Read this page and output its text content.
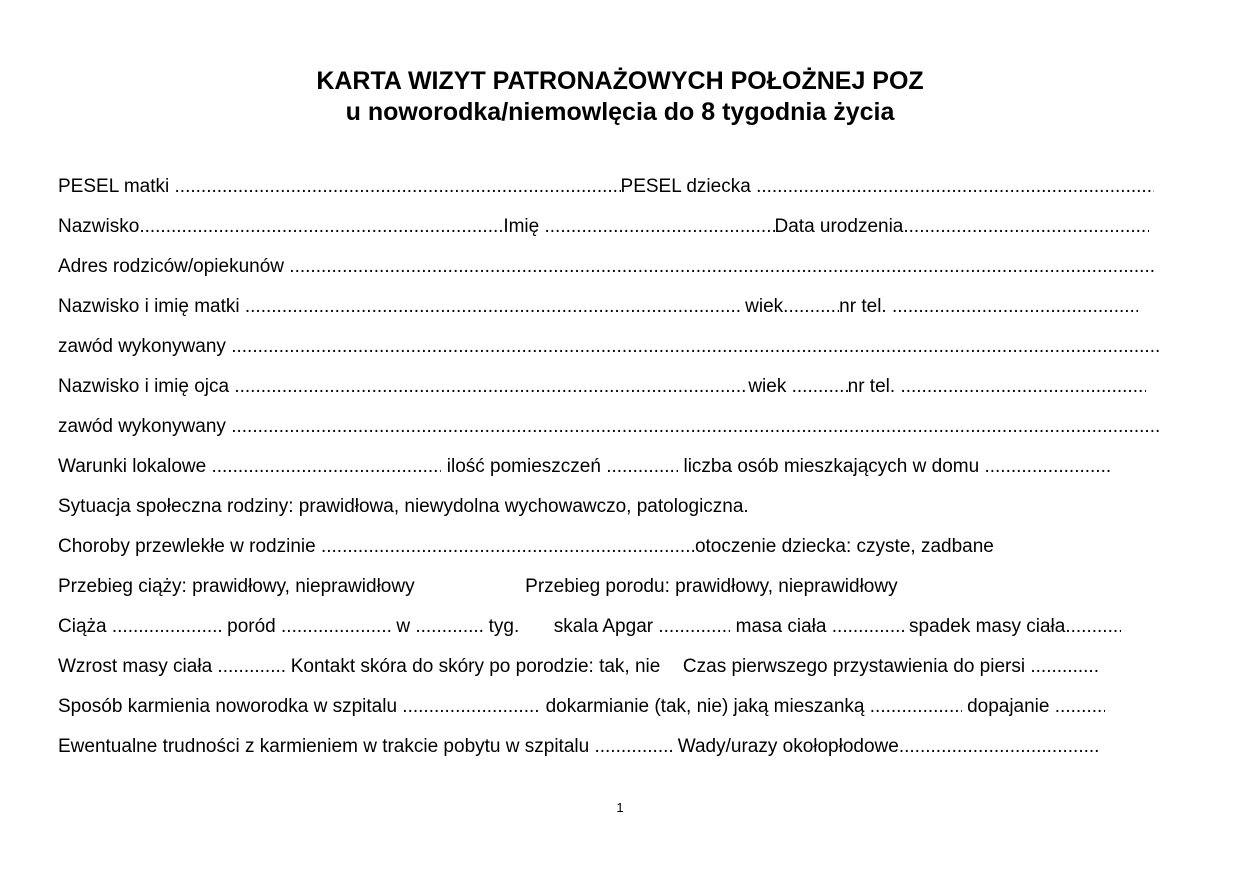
KARTA WIZYT PATRONAŻOWYCH POŁOŻNEJ POZ
u noworodka/niemowlęcia do 8 tygodnia życia
PESEL matki .....	PESEL dziecka .....
Nazwisko .....	Imię .....	Data urodzenia.....
Adres rodziców/opiekunów .....
Nazwisko i imię matki .....	wiek .....	nr tel. .....
zawód wykonywany .....
Nazwisko i imię ojca .....	wiek .....	nr tel. .....
zawód wykonywany .....
Warunki lokalowe .....	ilość pomieszczeń .....	liczba osób mieszkających w domu .....
Sytuacja społeczna rodziny: prawidłowa, niewydolna wychowawczo, patologiczna.
Choroby przewlekłe w rodzinie .....	otoczenie dziecka: czyste, zadbane
Przebieg ciąży: prawidłowy, nieprawidłowy	Przebieg porodu: prawidłowy, nieprawidłowy
Ciąża .....	poród .....	w .....	tyg. skala Apgar .....	masa ciała .....	spadek masy ciała.....
Wzrost masy ciała .....	Kontakt skóra do skóry po porodzie: tak, nie Czas pierwszego przystawienia do piersi .....
Sposób karmienia noworodka w szpitalu .....	dokarmianie (tak, nie) jaką mieszanką .....	dopajanie .....
Ewentualne trudności z karmieniem w trakcie pobytu w szpitalu .....	Wady/urazy okołopłodowe.....
1
